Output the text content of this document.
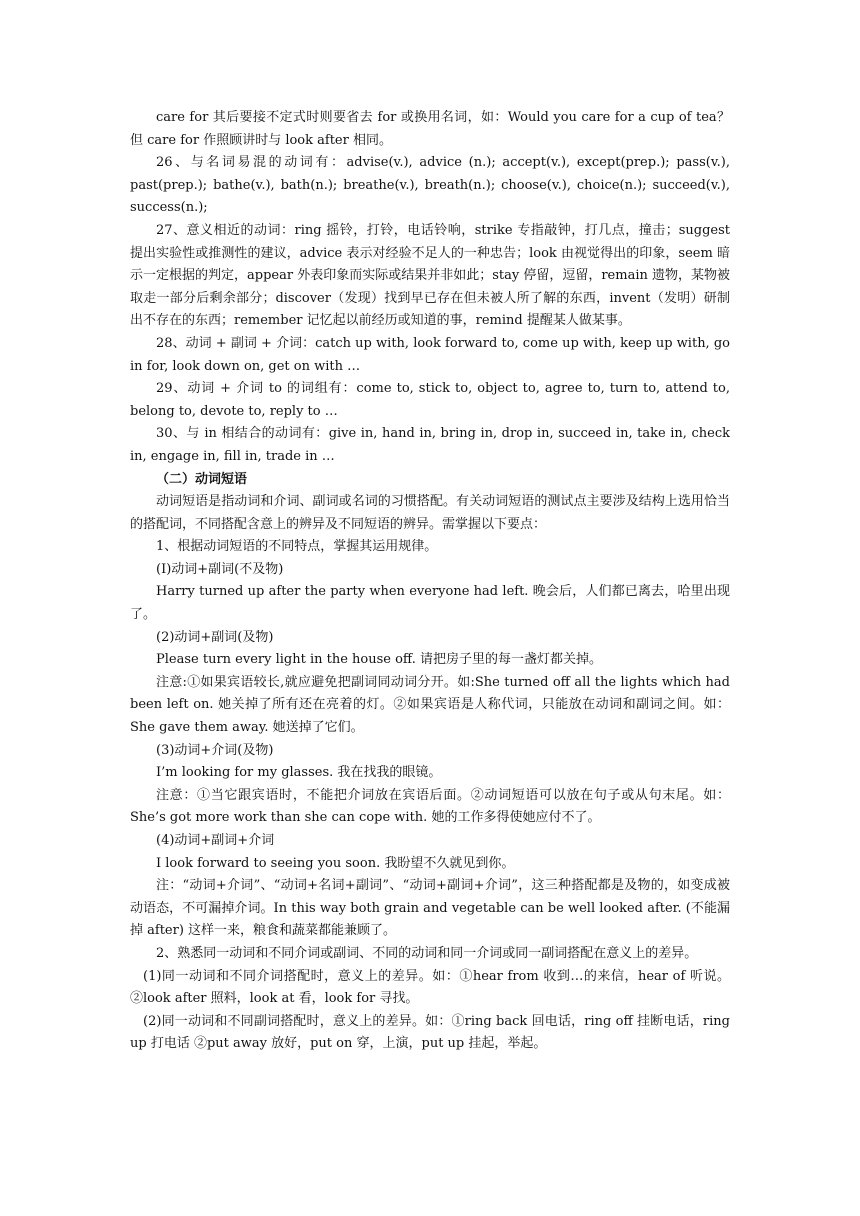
care for 其后要接不定式时则要省去 for 或换用名词，如：Would you care for a cup of tea？但 care for 作照顾讲时与 look after 相同。

26、与名词易混的动词有：advise(v.), advice (n.); accept(v.), except(prep.); pass(v.), past(prep.); bathe(v.), bath(n.); breathe(v.), breath(n.); choose(v.), choice(n.); succeed(v.), success(n.);

27、意义相近的动词：ring 摇铃，打铃，电话铃响，strike 专指敲钟，打几点，撞击；suggest 提出实验性或推测性的建议，advice 表示对经验不足人的一种忠告；look 由视觉得出的印象，seem 暗示一定根据的判定，appear 外表印象而实际或结果并非如此；stay 停留，逗留，remain 遗物，某物被取走一部分后剩余部分；discover（发现）找到早已存在但未被人所了解的东西，invent（发明）研制出不存在的东西；remember 记忆起以前经历或知道的事，remind 提醒某人做某事。

28、动词 + 副词 + 介词：catch up with, look forward to, come up with, keep up with, go in for, look down on, get on with …

29、动词 + 介词 to 的词组有：come to, stick to, object to, agree to, turn to, attend to, belong to, devote to, reply to …

30、与 in 相结合的动词有：give in, hand in, bring in, drop in, succeed in, take in, check in, engage in, fill in, trade in …

（二）动词短语

动词短语是指动词和介词、副词或名词的习惯搭配。有关动词短语的测试点主要涉及结构上选用恰当的搭配词，不同搭配含意上的辨异及不同短语的辨异。需掌握以下要点：

1、根据动词短语的不同特点，掌握其运用规律。

(I)动词+副词(不及物)

Harry turned up after the party when everyone had left. 晚会后，人们都已离去，哈里出现了。

(2)动词+副词(及物)

Please turn every light in the house off. 请把房子里的每一盏灯都关掉。

注意:①如果宾语较长,就应避免把副词同动词分开。如:She turned off all the lights which had been left on. 她关掉了所有还在亮着的灯。②如果宾语是人称代词，只能放在动词和副词之间。如：She gave them away. 她送掉了它们。

(3)动词+介词(及物)

I’m looking for my glasses. 我在找我的眼镜。

注意：①当它跟宾语时，不能把介词放在宾语后面。②动词短语可以放在句子或从句末尾。如：She’s got more work than she can cope with. 她的工作多得使她应付不了。

(4)动词+副词+介词

I look forward to seeing you soon. 我盼望不久就见到你。

注：“动词+介词”、“动词+名词+副词”、“动词+副词+介词”，这三种搭配都是及物的，如变成被动语态，不可漏掉介词。In this way both grain and vegetable can be well looked after. (不能漏掉 after) 这样一来，粮食和蔬菜都能兼顾了。

2、熟悉同一动词和不同介词或副词、不同的动词和同一介词或同一副词搭配在意义上的差异。

(1)同一动词和不同介词搭配时，意义上的差异。如：①hear from 收到…的来信，hear of 听说。 ②look after 照料，look at 看，look for 寻找。

(2)同一动词和不同副词搭配时，意义上的差异。如：①ring back 回电话，ring off 挂断电话，ring up 打电话 ②put away 放好，put on 穿，上演，put up 挂起，举起。
